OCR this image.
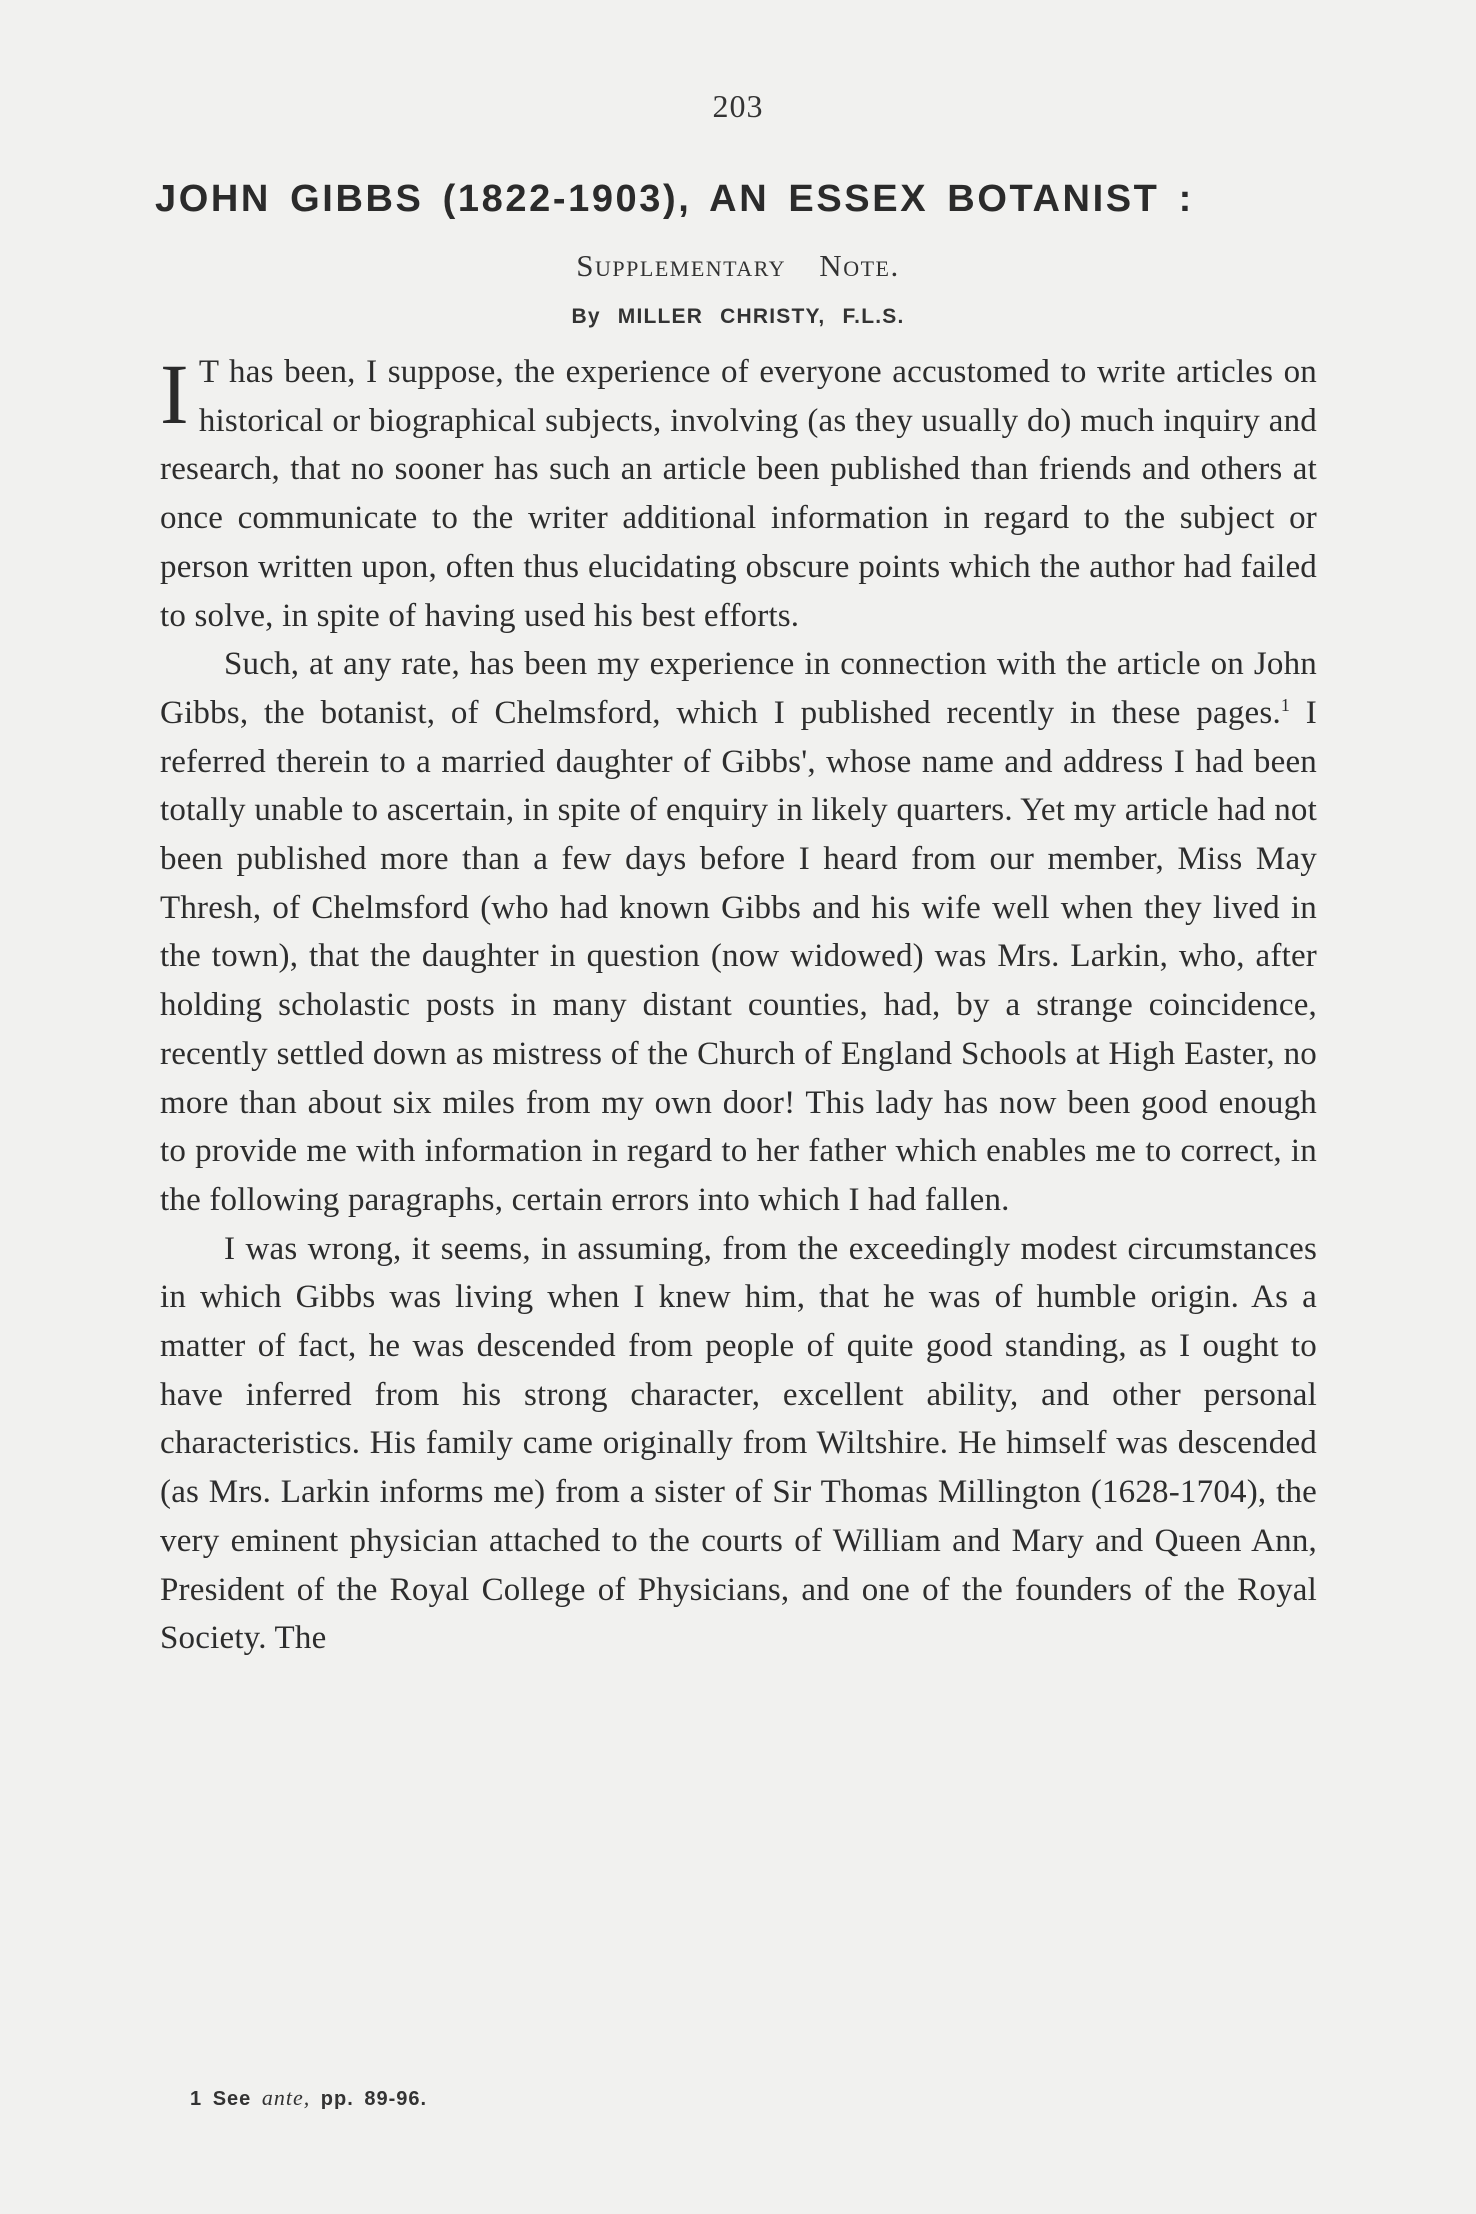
203
JOHN GIBBS (1822-1903), AN ESSEX BOTANIST :
Supplementary Note.
By MILLER CHRISTY, F.L.S.

I T has been, I suppose, the experience of everyone accustomed to write articles on historical or biographical subjects, involving (as they usually do) much inquiry and research, that no sooner has such an article been published than friends and others at once communicate to the writer additional information in regard to the subject or person written upon, often thus elucidating obscure points which the author had failed to solve, in spite of having used his best efforts.

Such, at any rate, has been my experience in connection with the article on John Gibbs, the botanist, of Chelmsford, which I published recently in these pages.$^1$ I referred therein to a married daughter of Gibbs', whose name and address I had been totally unable to ascertain, in spite of enquiry in likely quarters. Yet my article had not been published more than a few days before I heard from our member, Miss May Thresh, of Chelmsford (who had known Gibbs and his wife well when they lived in the town), that the daughter in question (now widowed) was Mrs. Larkin, who, after holding scholastic posts in many distant counties, had, by a strange coincidence, recently settled down as mistress of the Church of England Schools at High Easter, no more than about six miles from my own door! This lady has now been good enough to provide me with information in regard to her father which enables me to correct, in the following paragraphs, certain errors into which I had fallen.

I was wrong, it seems, in assuming, from the exceedingly modest circumstances in which Gibbs was living when I knew him, that he was of humble origin. As a matter of fact, he was descended from people of quite good standing, as I ought to have inferred from his strong character, excellent ability, and other personal characteristics. His family came originally from Wiltshire. He himself was descended (as Mrs. Larkin informs me) from a sister of Sir Thomas Millington (1628-1704), the very eminent physician attached to the courts of William and Mary and Queen Ann, President of the Royal College of Physicians, and one of the founders of the Royal Society. The

1 See ante, pp. 89-96.
